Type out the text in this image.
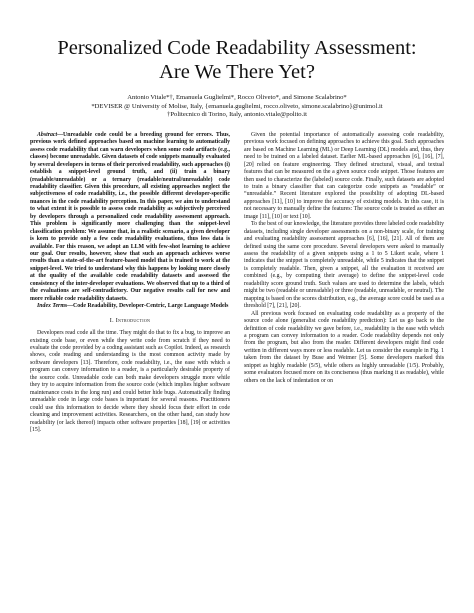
Personalized Code Readability Assessment:
Are We There Yet?
Antonio Vitale*†, Emanuela Guglielmi*, Rocco Oliveto*, and Simone Scalabrino*
*DEVISER @ University of Molise, Italy, {emanuela.guglielmi, rocco.oliveto, simone.scalabrino}@unimol.it
†Politecnico di Torino, Italy, antonio.vitale@polito.it

Abstract—Unreadable code could be a breeding ground for errors. Thus, previous work defined approaches based on machine learning to automatically assess code readability that can warn developers when some code artifacts (e.g., classes) become unreadable. Given datasets of code snippets manually evaluated by several developers in terms of their perceived readability, such approaches (i) establish a snippet-level ground truth, and (ii) train a binary (readable/unreadable) or a ternary (readable/neutral/unreadable) code readability classifier. Given this procedure, all existing approaches neglect the subjectiveness of code readability, i.e., the possible different developer-specific nuances in the code readability perception. In this paper, we aim to understand to what extent it is possible to assess code readability as subjectively perceived by developers through a personalized code readability assessment approach. This problem is significantly more challenging than the snippet-level classification problem: We assume that, in a realistic scenario, a given developer is keen to provide only a few code readability evaluations, thus less data is available. For this reason, we adopt an LLM with few-shot learning to achieve our goal. Our results, however, show that such an approach achieves worse results than a state-of-the-art feature-based model that is trained to work at the snippet-level. We tried to understand why this happens by looking more closely at the quality of the available code readability datasets and assessed the consistency of the inter-developer evaluations. We observed that up to a third of the evaluations are self-contradictory. Our negative results call for new and more reliable code readability datasets.

Index Terms—Code Readability, Developer-Centric, Large Language Models

I. Introduction

Developers read code all the time. They might do that to fix a bug, to improve an existing code base, or even while they write code from scratch if they need to evaluate the code provided by a coding assistant such as Copilot. Indeed, as research shows, code reading and understanding is the most common activity made by software developers [13]. Therefore, code readability, i.e., the ease with which a program can convey information to a reader, is a particularly desirable property of the source code. Unreadable code can both make developers struggle more while they try to acquire information from the source code (which implies higher software maintenance costs in the long run) and could better hide bugs. Automatically finding unreadable code in large code bases is important for several reasons. Practitioners could use this information to decide where they should focus their effort in code cleaning and improvement activities. Researchers, on the other hand, can study how readability (or lack thereof) impacts other software properties [18], [19] or activities [15].

Given the potential importance of automatically assessing code readability, previous work focused on defining approaches to achieve this goal. Such approaches are based on Machine Learning (ML) or Deep Learning (DL) models and, thus, they need to be trained on a labeled dataset. Earlier ML-based approaches [6], [16], [7], [20] relied on feature engineering. They defined structural, visual, and textual features that can be measured on the a given source code snippet. Those features are then used to characterize the (labeled) source code. Finally, such datasets are adopted to train a binary classifier that can categorize code snippets as “readable” or “unreadable.” Recent literature explored the possibility of adopting DL-based approaches [11], [10] to improve the accuracy of existing models. In this case, it is not necessary to manually define the features: The source code is treated as either an image [11], [10] or text [10].

To the best of our knowledge, the literature provides three labeled code readability datasets, including single developer assessments on a non-binary scale, for training and evaluating readability assessment approaches [6], [16], [21]. All of them are defined using the same core procedure. Several developers were asked to manually assess the readability of a given snippets using a 1 to 5 Likert scale, where 1 indicates that the snippet is completely unreadable, while 5 indicates that the snippet is completely readable. Then, given a snippet, all the evaluation it received are combined (e.g., by computing their average) to define the snippet-level code readability score ground truth. Such values are used to determine the labels, which might be two (readable or unreadable) or three (readable, unreadable, or neutral). The mapping is based on the scores distribution, e.g., the average score could be used as a threshold [7], [21], [20].

All previous work focused on evaluating code readability as a property of the source code alone (generalist code readability prediction): Let us go back to the definition of code readability we gave before, i.e., readability is the ease with which a program can convey information to a reader. Code readability depends not only from the program, but also from the reader. Different developers might find code written in different ways more or less readable. Let us consider the example in Fig. 1 taken from the dataset by Buse and Weimer [5]. Some developers marked this snippet as highly readable (5/5), while others as highly unreadable (1/5). Probably, some evaluators focused more on its conciseness (thus marking it as readable), while others on the lack of indentation or on
